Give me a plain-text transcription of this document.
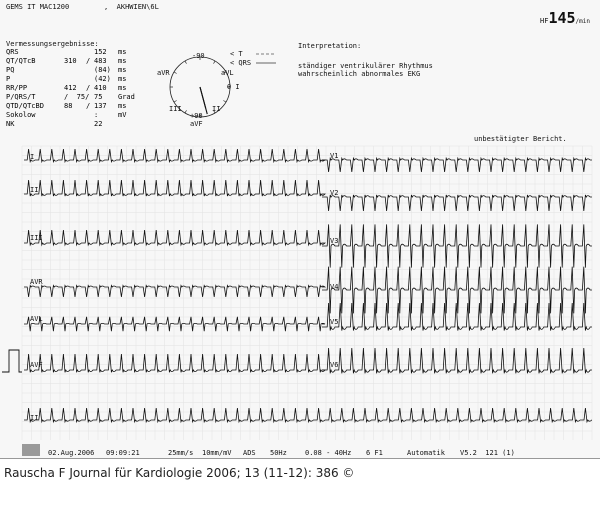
GEMS IT MAC1200	,  AKHWIEN\6L
HF145/min
Vermessungsergebnisse:
QRS	152 ms
QT/QTcB	310 / 483 ms
PQ	(84) ms
P	(42) ms
RR/PP	412 / 410 ms
P/QRS/T	/  75/ 75 Grad
QTD/QTcBD	88 / 137 ms
Sokolow	:	mV
NK	22
-90
aVR	aVL
0 I
III	II
+90
aVF
< T
< QRS
Interpretation:
ständiger ventrikulärer Rhythmus
wahrscheinlich abnormales EKG
unbestätigter Bericht.
I
II
III
AVR
AVL
AVF
II
V1
V2
V3
V4
V5
V6
02.Aug.2006 09:09:21	25mm/s 10mm/mV ADS 50Hz	0.08 - 40Hz 6 F1	Automatik V5.2  121 (1)
Rauscha F Journal für Kardiologie 2006; 13 (11-12): 386 ©
